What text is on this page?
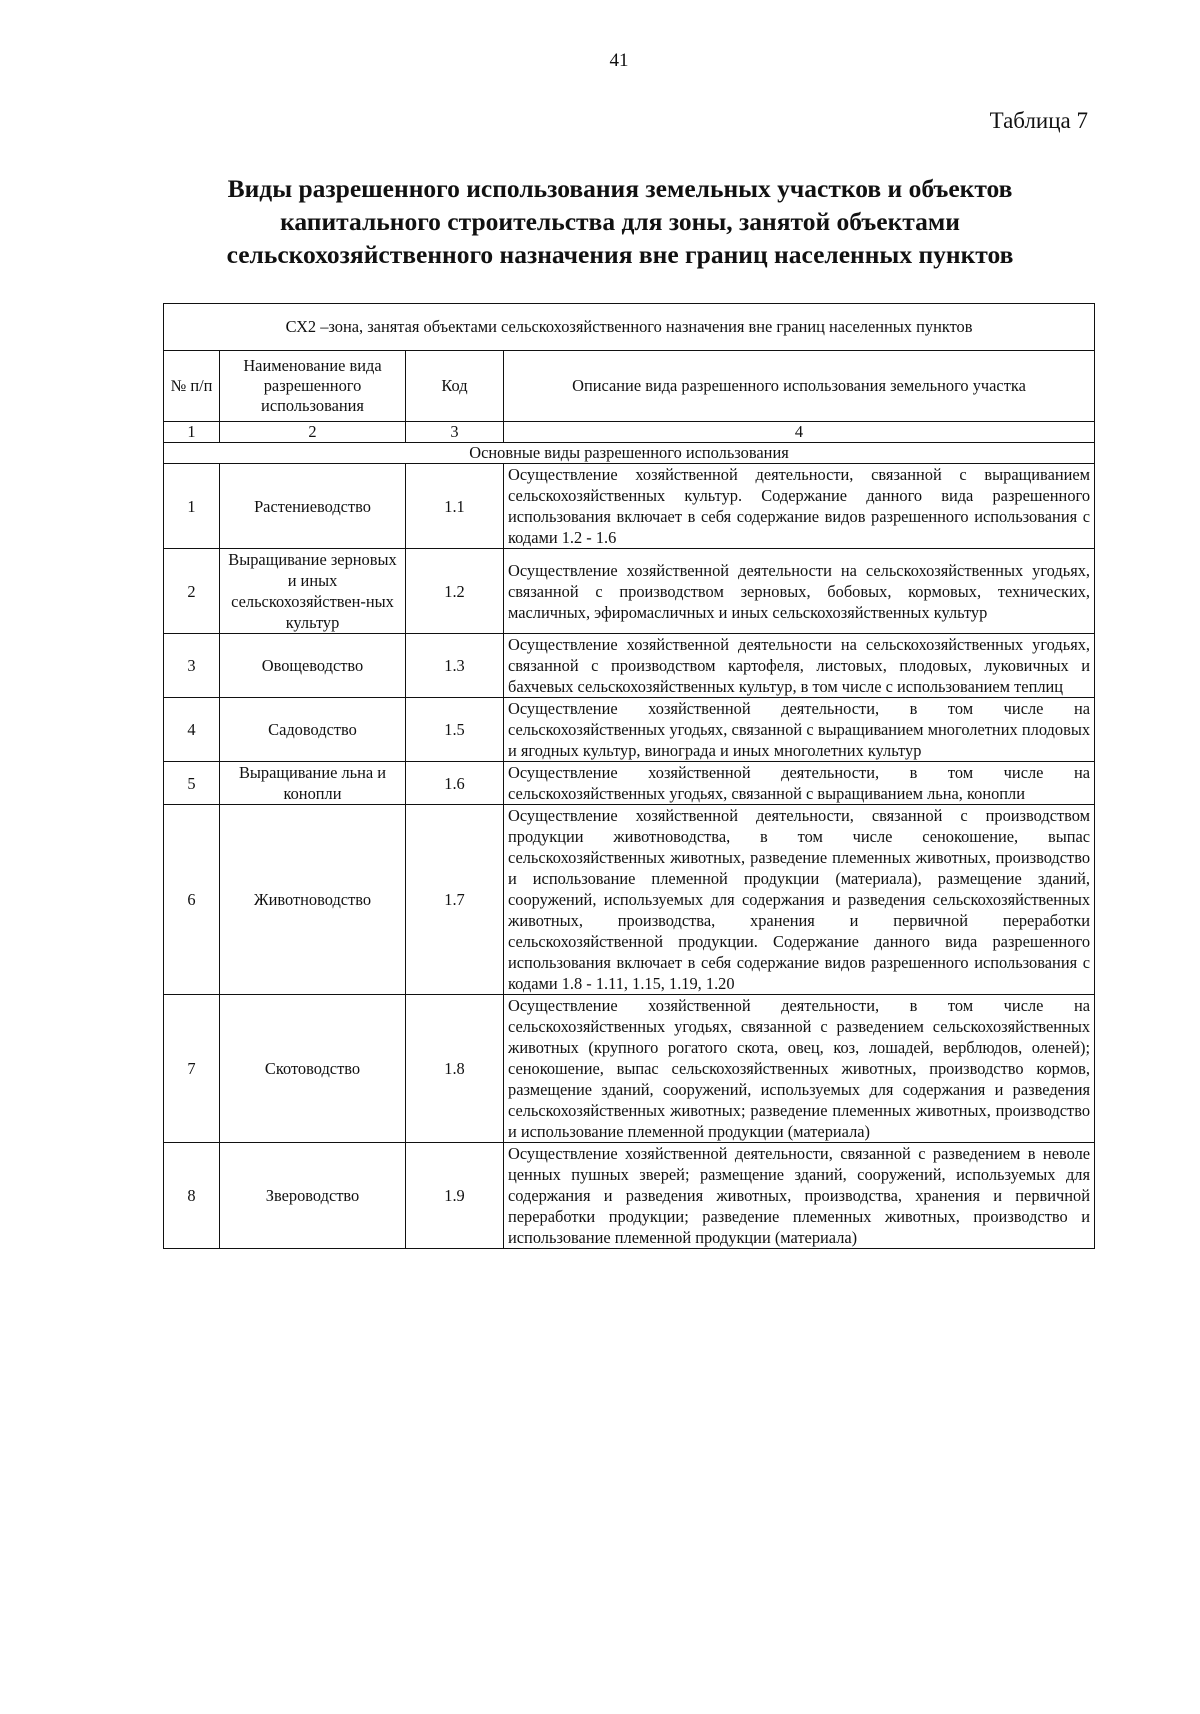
41
Таблица 7
Виды разрешенного использования земельных участков и объектов
капитального строительства для зоны, занятой объектами
сельскохозяйственного назначения вне границ населенных пунктов
СХ2 –зона, занятая объектами сельскохозяйственного назначения вне границ населенных пунктов			
№ п/п	Наименование вида разрешенного использования	Код	Описание вида разрешенного использования земельного участка
1	2	3	4
Основные виды разрешенного использования			
1	Растениеводство	1.1	Осуществление хозяйственной деятельности, связанной с выращиванием сельскохозяйственных культур. Содержание данного вида разрешенного использования включает в себя содержание видов разрешенного использования с кодами 1.2 - 1.6
2	Выращивание зерновых и иных сельскохозяйствен-ных культур	1.2	Осуществление хозяйственной деятельности на сельскохозяйственных угодьях, связанной с производством зерновых, бобовых, кормовых, технических, масличных, эфиромасличных и иных сельскохозяйственных культур
3	Овощеводство	1.3	Осуществление хозяйственной деятельности на сельскохозяйственных угодьях, связанной с производством картофеля, листовых, плодовых, луковичных и бахчевых сельскохозяйственных культур, в том числе с использованием теплиц
4	Садоводство	1.5	Осуществление хозяйственной деятельности, в том числе на сельскохозяйственных угодьях, связанной с выращиванием многолетних плодовых и ягодных культур, винограда и иных многолетних культур
5	Выращивание льна и конопли	1.6	Осуществление хозяйственной деятельности, в том числе на сельскохозяйственных угодьях, связанной с выращиванием льна, конопли
6	Животноводство	1.7	Осуществление хозяйственной деятельности, связанной с производством продукции животноводства, в том числе сенокошение, выпас сельскохозяйственных животных, разведение племенных животных, производство и использование племенной продукции (материала), размещение зданий, сооружений, используемых для содержания и разведения сельскохозяйственных животных, производства, хранения и первичной переработки сельскохозяйственной продукции. Содержание данного вида разрешенного использования включает в себя содержание видов разрешенного использования с кодами 1.8 - 1.11, 1.15, 1.19, 1.20
7	Скотоводство	1.8	Осуществление хозяйственной деятельности, в том числе на сельскохозяйственных угодьях, связанной с разведением сельскохозяйственных животных (крупного рогатого скота, овец, коз, лошадей, верблюдов, оленей); сенокошение, выпас сельскохозяйственных животных, производство кормов, размещение зданий, сооружений, используемых для содержания и разведения сельскохозяйственных животных; разведение племенных животных, производство и использование племенной продукции (материала)
8	Звероводство	1.9	Осуществление хозяйственной деятельности, связанной с разведением в неволе ценных пушных зверей; размещение зданий, сооружений, используемых для содержания и разведения животных, производства, хранения и первичной переработки продукции; разведение племенных животных, производство и использование племенной продукции (материала)
